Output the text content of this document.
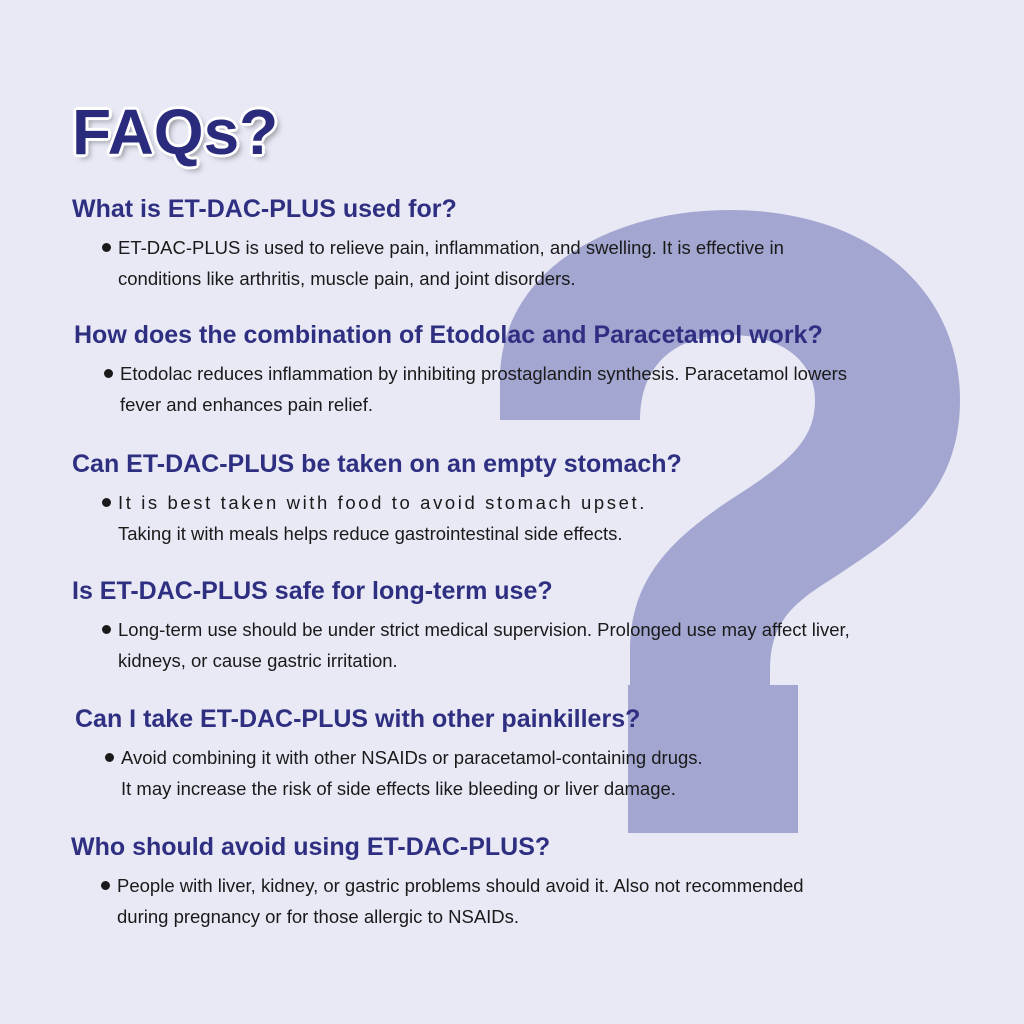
FAQs?
What is ET-DAC-PLUS used for?
ET-DAC-PLUS is used to relieve pain, inflammation, and swelling. It is effective in
conditions like arthritis, muscle pain, and joint disorders.
How does the combination of Etodolac and Paracetamol work?
Etodolac reduces inflammation by inhibiting prostaglandin synthesis. Paracetamol lowers
fever and enhances pain relief.
Can ET-DAC-PLUS be taken on an empty stomach?
It is best taken with food to avoid stomach upset.
Taking it with meals helps reduce gastrointestinal side effects.
Is ET-DAC-PLUS safe for long-term use?
Long-term use should be under strict medical supervision. Prolonged use may affect liver,
kidneys, or cause gastric irritation.
Can I take ET-DAC-PLUS with other painkillers?
Avoid combining it with other NSAIDs or paracetamol-containing drugs.
It may increase the risk of side effects like bleeding or liver damage.
Who should avoid using ET-DAC-PLUS?
People with liver, kidney, or gastric problems should avoid it. Also not recommended
during pregnancy or for those allergic to NSAIDs.
